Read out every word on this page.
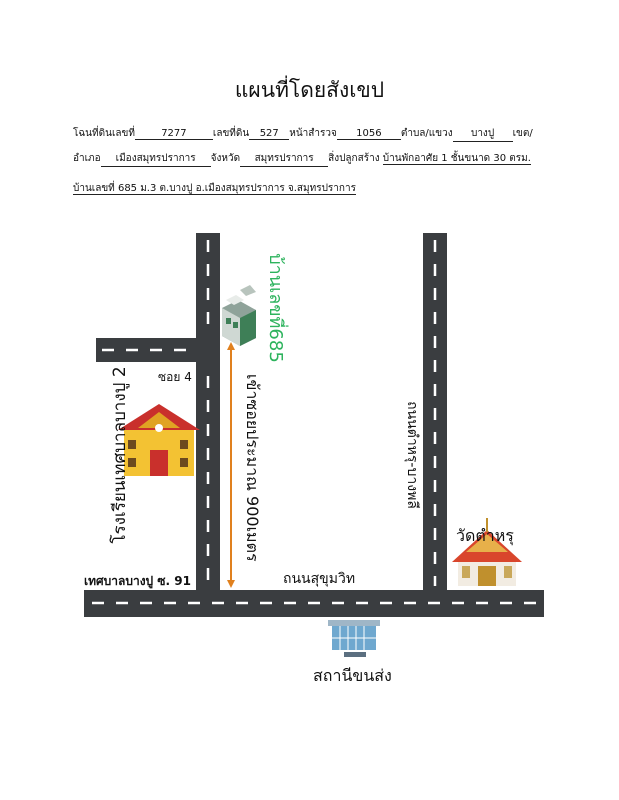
แผนที่โดยสังเขป
โฉนที่ดินเลขที่	7277	เลขที่ดิน 527 หน้าสำรวจ 1056 ตำบล/แขวง บางปู เขต/
อำเภอ เมืองสมุทรปราการ จังหวัด สมุทรปราการ สิ่งปลูกสร้าง บ้านพักอาศัย 1 ชั้นขนาด 30 ตรม.
บ้านเลขที่ 685 ม.3 ต.บางปู อ.เมืองสมุทรปราการ จ.สมุทรปราการ
บ้านเลขที่685
ซอย 4
โรงเรียนเทศบาลบางปู 2	เข้าซอยประมาณ 900เมตร	ถนนตำหรุ-บางพลี
วัดตำหรุ
ถนนสุขุมวิท
เทศบาลบางปู ซ. 91
สถานีขนส่ง
